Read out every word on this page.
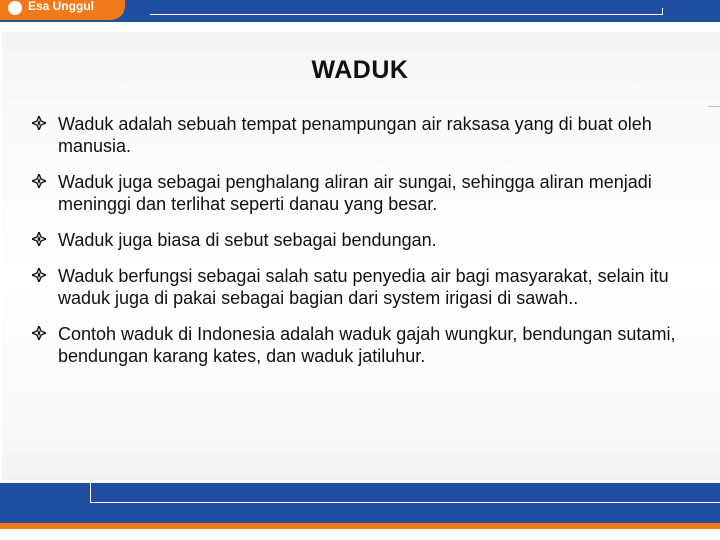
Esa Unggul
WADUK
Waduk adalah sebuah tempat penampungan air raksasa yang di buat oleh manusia.
Waduk juga sebagai penghalang aliran air sungai, sehingga aliran menjadi meninggi dan terlihat seperti danau yang besar.
Waduk juga biasa di sebut sebagai bendungan.
Waduk berfungsi sebagai salah satu penyedia air bagi masyarakat, selain itu waduk juga di pakai sebagai bagian dari system irigasi di sawah..
Contoh waduk di Indonesia adalah waduk gajah wungkur, bendungan sutami, bendungan karang kates, dan waduk jatiluhur.
